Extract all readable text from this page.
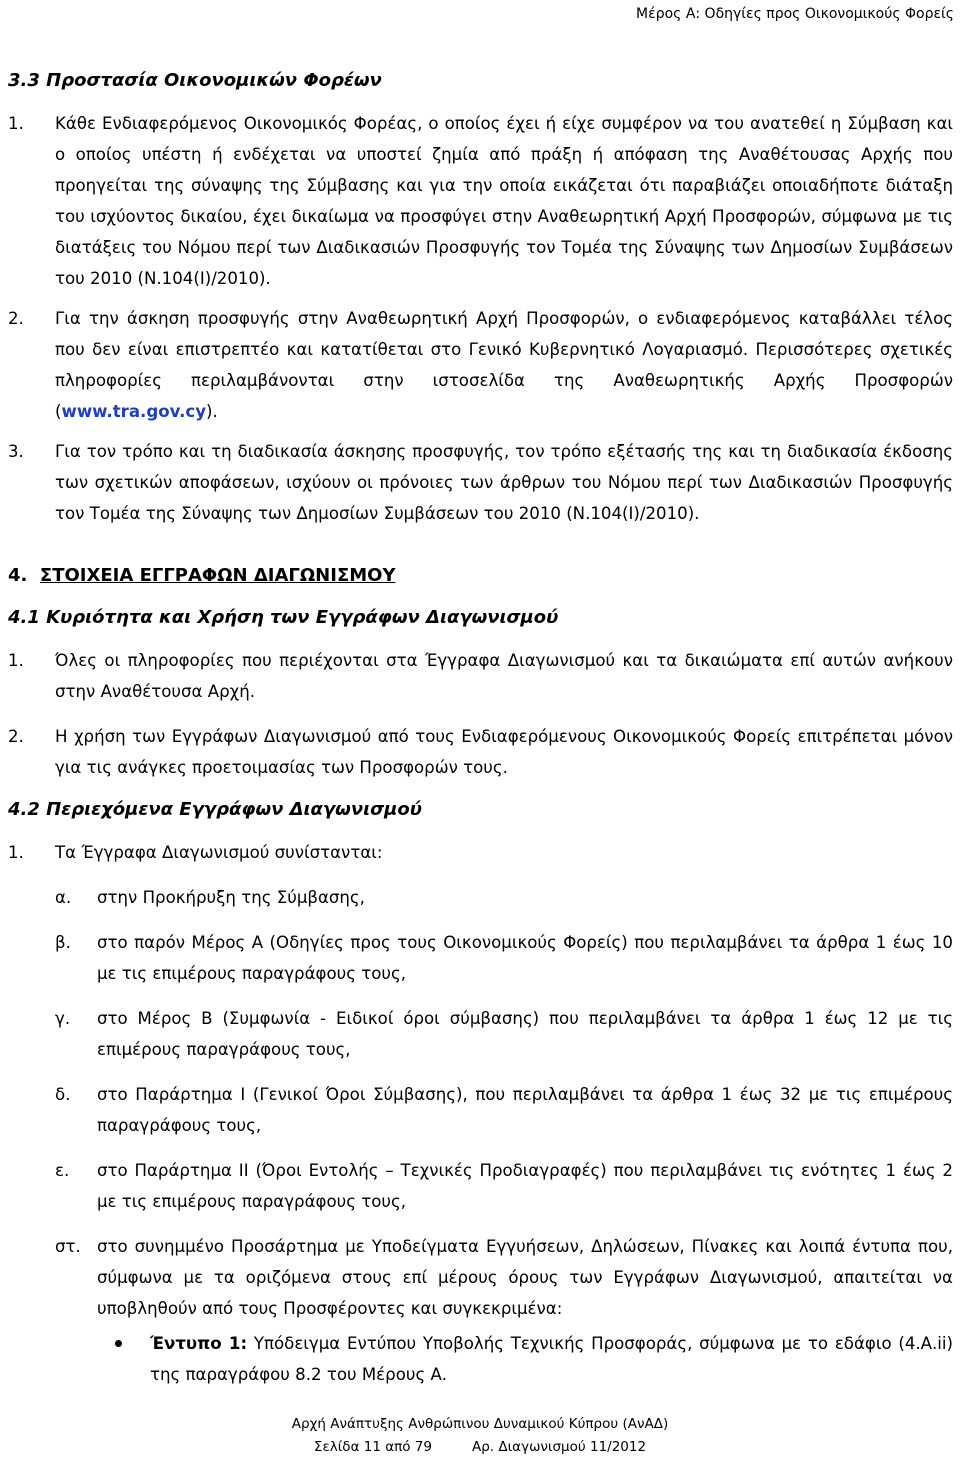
Μέρος Α: Οδηγίες προς Οικονομικούς Φορείς
3.3 Προστασία Οικονομικών Φορέων
1. Κάθε Ενδιαφερόμενος Οικονομικός Φορέας, ο οποίος έχει ή είχε συμφέρον να του ανατεθεί η Σύμβαση και ο οποίος υπέστη ή ενδέχεται να υποστεί ζημία από πράξη ή απόφαση της Αναθέτουσας Αρχής που προηγείται της σύναψης της Σύμβασης και για την οποία εικάζεται ότι παραβιάζει οποιαδήποτε διάταξη του ισχύοντος δικαίου, έχει δικαίωμα να προσφύγει στην Αναθεωρητική Αρχή Προσφορών, σύμφωνα με τις διατάξεις του Νόμου περί των Διαδικασιών Προσφυγής τον Τομέα της Σύναψης των Δημοσίων Συμβάσεων του 2010 (Ν.104(Ι)/2010).
2. Για την άσκηση προσφυγής στην Αναθεωρητική Αρχή Προσφορών, ο ενδιαφερόμενος καταβάλλει τέλος που δεν είναι επιστρεπτέο και κατατίθεται στο Γενικό Κυβερνητικό Λογαριασμό. Περισσότερες σχετικές πληροφορίες περιλαμβάνονται στην ιστοσελίδα της Αναθεωρητικής Αρχής Προσφορών (www.tra.gov.cy).
3. Για τον τρόπο και τη διαδικασία άσκησης προσφυγής, τον τρόπο εξέτασής της και τη διαδικασία έκδοσης των σχετικών αποφάσεων, ισχύουν οι πρόνοιες των άρθρων του Νόμου περί των Διαδικασιών Προσφυγής τον Τομέα της Σύναψης των Δημοσίων Συμβάσεων του 2010 (Ν.104(Ι)/2010).
4. ΣΤΟΙΧΕΙΑ ΕΓΓΡΑΦΩΝ ΔΙΑΓΩΝΙΣΜΟΥ
4.1 Κυριότητα και Χρήση των Εγγράφων Διαγωνισμού
1. Όλες οι πληροφορίες που περιέχονται στα Έγγραφα Διαγωνισμού και τα δικαιώματα επί αυτών ανήκουν στην Αναθέτουσα Αρχή.
2. Η χρήση των Εγγράφων Διαγωνισμού από τους Ενδιαφερόμενους Οικονομικούς Φορείς επιτρέπεται μόνον για τις ανάγκες προετοιμασίας των Προσφορών τους.
4.2 Περιεχόμενα Εγγράφων Διαγωνισμού
1. Τα Έγγραφα Διαγωνισμού συνίστανται:
α. στην Προκήρυξη της Σύμβασης,
β. στο παρόν Μέρος Α (Οδηγίες προς τους Οικονομικούς Φορείς) που περιλαμβάνει τα άρθρα 1 έως 10 με τις επιμέρους παραγράφους τους,
γ. στο Μέρος Β (Συμφωνία - Ειδικοί όροι σύμβασης) που περιλαμβάνει τα άρθρα 1 έως 12 με τις επιμέρους παραγράφους τους,
δ. στο Παράρτημα Ι (Γενικοί Όροι Σύμβασης), που περιλαμβάνει τα άρθρα 1 έως 32 με τις επιμέρους παραγράφους τους,
ε. στο Παράρτημα ΙΙ (Όροι Εντολής – Τεχνικές Προδιαγραφές) που περιλαμβάνει τις ενότητες 1 έως 2 με τις επιμέρους παραγράφους τους,
στ. στο συνημμένο Προσάρτημα με Υποδείγματα Εγγυήσεων, Δηλώσεων, Πίνακες και λοιπά έντυπα που, σύμφωνα με τα οριζόμενα στους επί μέρους όρους των Εγγράφων Διαγωνισμού, απαιτείται να υποβληθούν από τους Προσφέροντες και συγκεκριμένα:
Έντυπο 1: Υπόδειγμα Εντύπου Υποβολής Τεχνικής Προσφοράς, σύμφωνα με το εδάφιο (4.Α.ii) της παραγράφου 8.2 του Μέρους Α.
Αρχή Ανάπτυξης Ανθρώπινου Δυναμικού Κύπρου (ΑνΑΔ)
Σελίδα 11 από 79	Αρ. Διαγωνισμού 11/2012
